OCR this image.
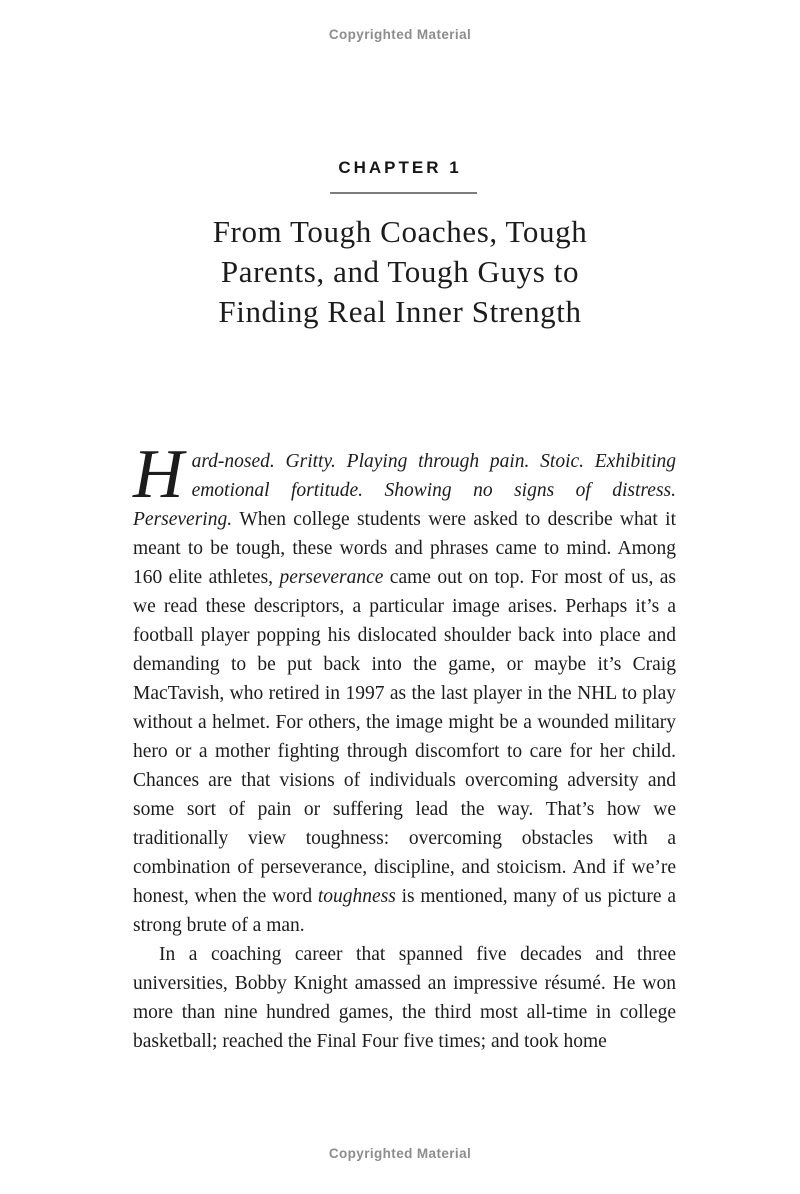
Copyrighted Material
CHAPTER 1
From Tough Coaches, Tough
Parents, and Tough Guys to
Finding Real Inner Strength

Hard-nosed. Gritty. Playing through pain. Stoic. Exhibiting emotional fortitude. Showing no signs of distress. Persevering. When college students were asked to describe what it meant to be tough, these words and phrases came to mind. Among 160 elite athletes, perseverance came out on top. For most of us, as we read these descriptors, a particular image arises. Perhaps it’s a football player popping his dislocated shoulder back into place and demanding to be put back into the game, or maybe it’s Craig MacTavish, who retired in 1997 as the last player in the NHL to play without a helmet. For others, the image might be a wounded military hero or a mother fighting through discomfort to care for her child. Chances are that visions of individuals overcoming adversity and some sort of pain or suffering lead the way. That’s how we traditionally view toughness: overcoming obstacles with a combination of perseverance, discipline, and stoicism. And if we’re honest, when the word toughness is mentioned, many of us picture a strong brute of a man.

In a coaching career that spanned five decades and three universities, Bobby Knight amassed an impressive résumé. He won more than nine hundred games, the third most all-time in college basketball; reached the Final Four five times; and took home

Copyrighted Material
